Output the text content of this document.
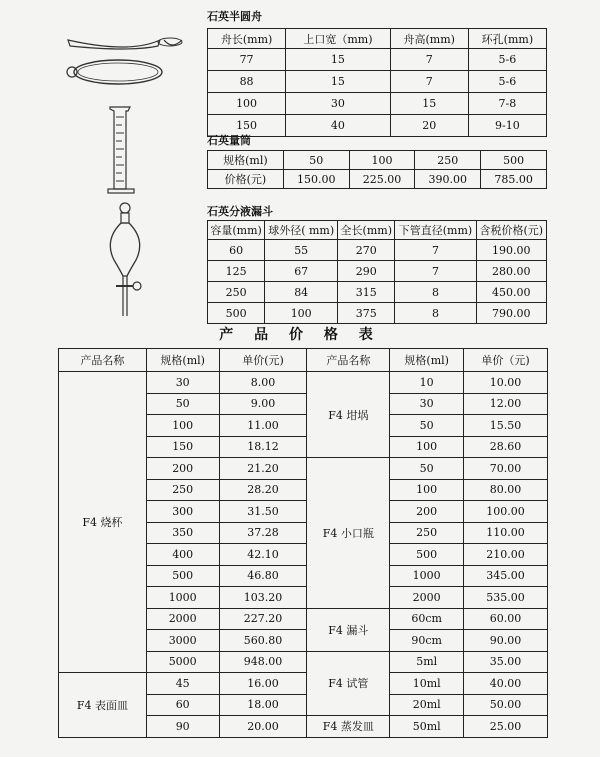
石英半圆舟
舟长(mm)	上口宽（mm)	舟高(mm)	环孔(mm)
77	15	7	5-6
88	15	7	5-6
100	30	15	7-8
150	40	20	9-10
石英量筒
规格(ml)	50	100	250	500
价格(元)	150.00	225.00	390.00	785.00
石英分液漏斗
容量(mm)	球外径( mm)	全长(mm)	下管直径(mm)	含税价格(元)
60	55	270	7	190.00
125	67	290	7	280.00
250	84	315	8	450.00
500	100	375	8	790.00
产 品 价 格 表
产品名称	规格(ml)	单价(元)	产品名称	规格(ml)	单价（元)
F4 烧杯	30	8.00	F4 坩埚	10	10.00
	50	9.00		30	12.00
	100	11.00		50	15.50
	150	18.12		100	28.60
	200	21.20	F4 小口瓶	50	70.00
	250	28.20		100	80.00
	300	31.50		200	100.00
	350	37.28		250	110.00
	400	42.10		500	210.00
	500	46.80		1000	345.00
	1000	103.20		2000	535.00
	2000	227.20	F4 漏斗	60cm	60.00
	3000	560.80		90cm	90.00
	5000	948.00	F4 试管	5ml	35.00
F4 表面皿	45	16.00		10ml	40.00
	60	18.00		20ml	50.00
	90	20.00	F4 蒸发皿	50ml	25.00
